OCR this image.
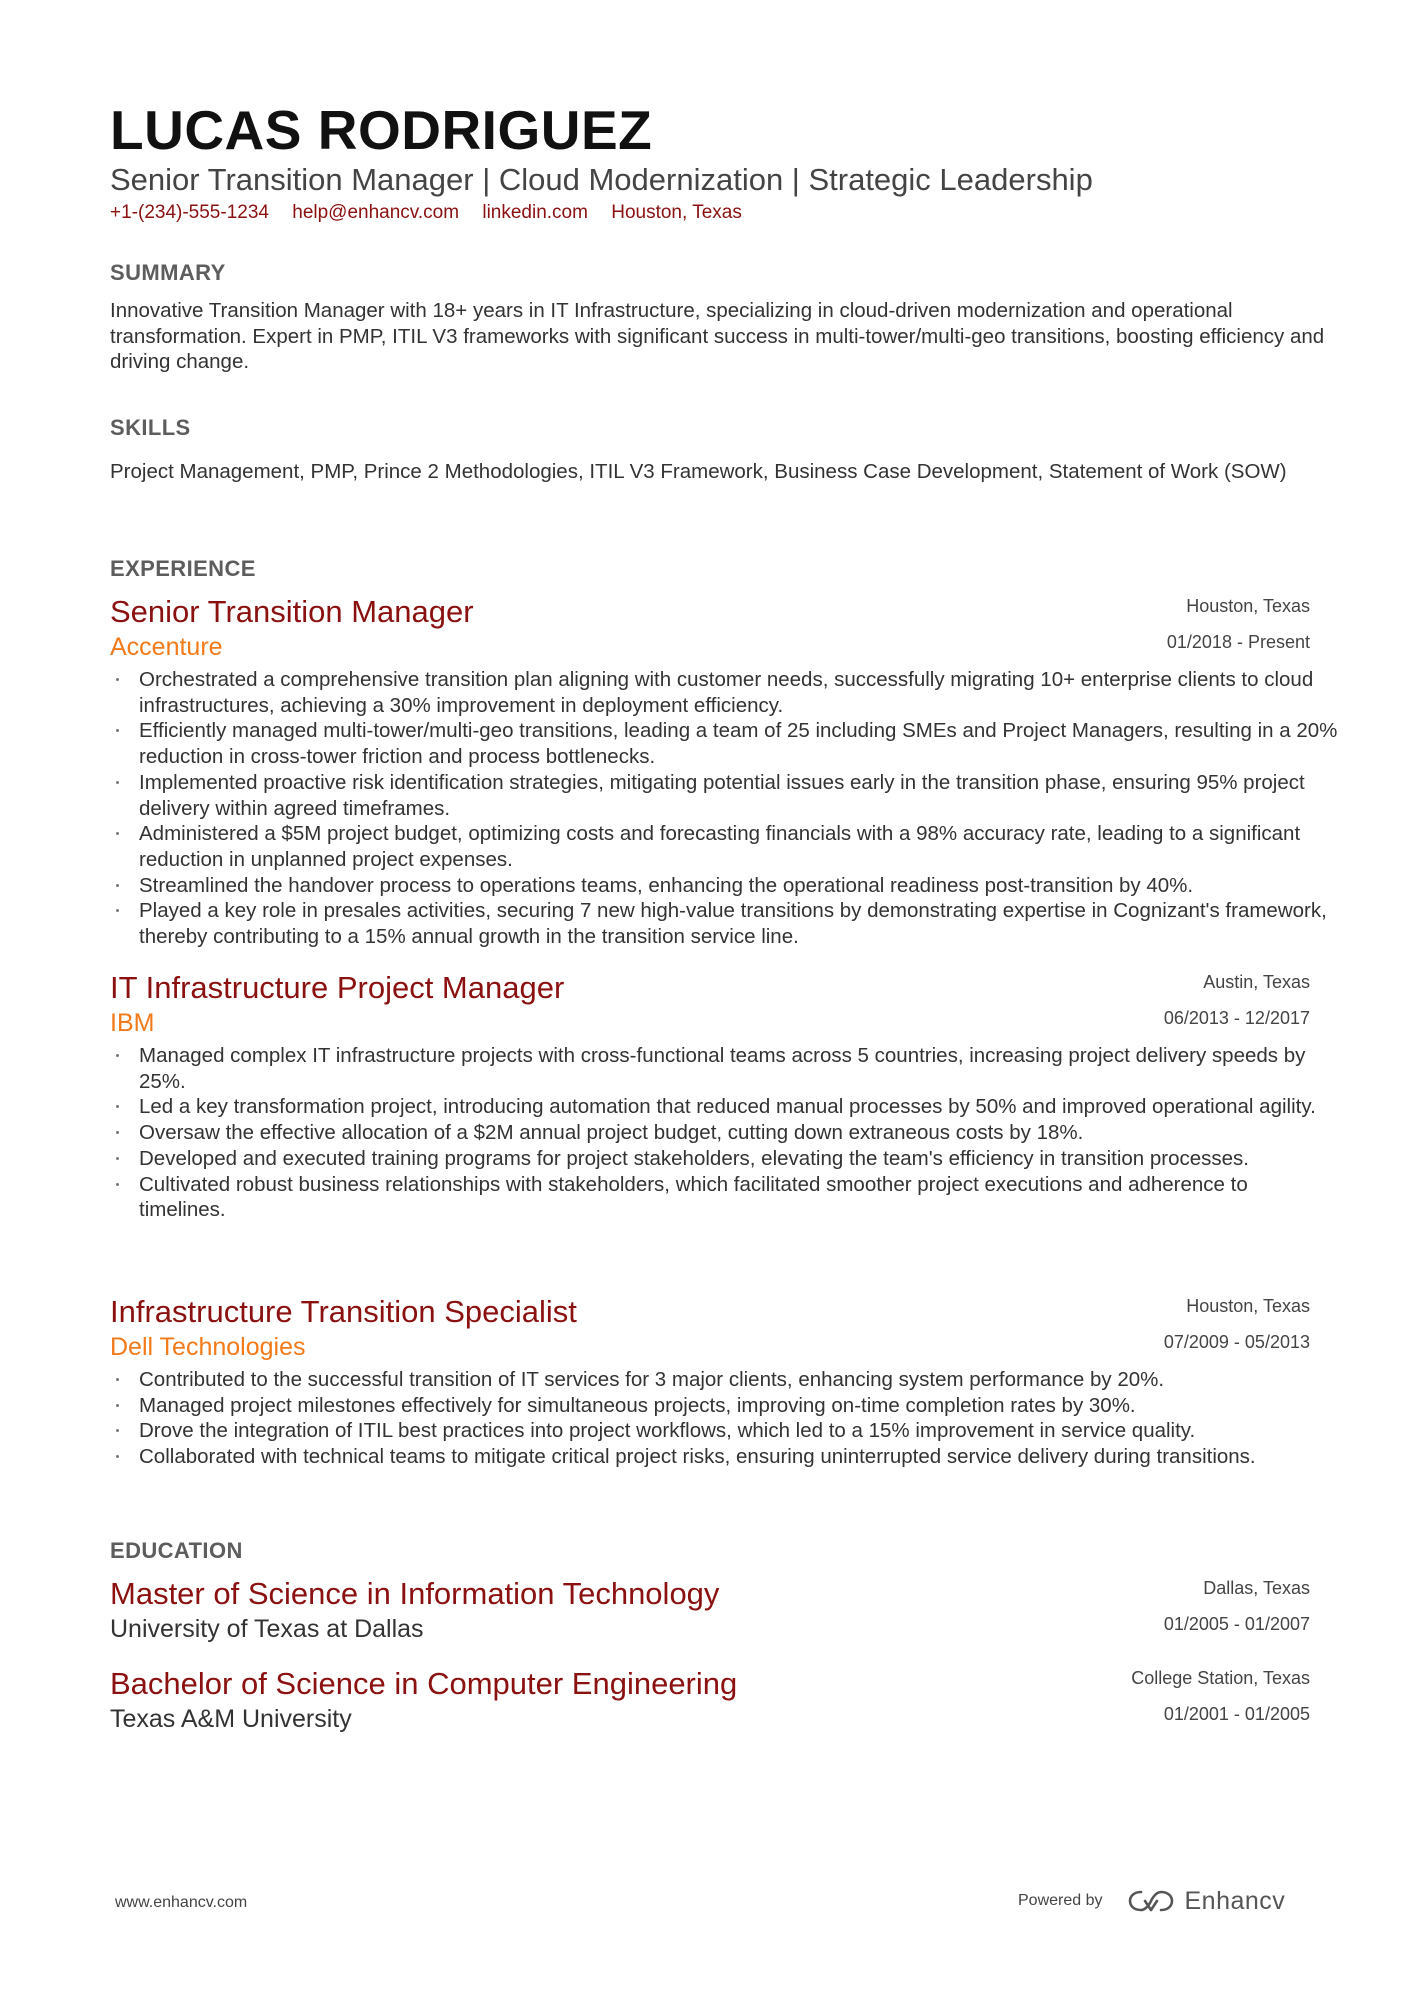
LUCAS RODRIGUEZ
Senior Transition Manager | Cloud Modernization | Strategic Leadership
+1-(234)-555-1234 help@enhancv.com linkedin.com Houston, Texas
SUMMARY
Innovative Transition Manager with 18+ years in IT Infrastructure, specializing in cloud-driven modernization and operational transformation. Expert in PMP, ITIL V3 frameworks with significant success in multi-tower/multi-geo transitions, boosting efficiency and driving change.
SKILLS
Project Management, PMP, Prince 2 Methodologies, ITIL V3 Framework, Business Case Development, Statement of Work (SOW)
EXPERIENCE
Senior Transition Manager	Houston, Texas
Accenture	01/2018 - Present
Orchestrated a comprehensive transition plan aligning with customer needs, successfully migrating 10+ enterprise clients to cloud infrastructures, achieving a 30% improvement in deployment efficiency.
Efficiently managed multi-tower/multi-geo transitions, leading a team of 25 including SMEs and Project Managers, resulting in a 20% reduction in cross-tower friction and process bottlenecks.
Implemented proactive risk identification strategies, mitigating potential issues early in the transition phase, ensuring 95% project delivery within agreed timeframes.
Administered a $5M project budget, optimizing costs and forecasting financials with a 98% accuracy rate, leading to a significant reduction in unplanned project expenses.
Streamlined the handover process to operations teams, enhancing the operational readiness post-transition by 40%.
Played a key role in presales activities, securing 7 new high-value transitions by demonstrating expertise in Cognizant's framework, thereby contributing to a 15% annual growth in the transition service line.
IT Infrastructure Project Manager	Austin, Texas
IBM	06/2013 - 12/2017
Managed complex IT infrastructure projects with cross-functional teams across 5 countries, increasing project delivery speeds by 25%.
Led a key transformation project, introducing automation that reduced manual processes by 50% and improved operational agility.
Oversaw the effective allocation of a $2M annual project budget, cutting down extraneous costs by 18%.
Developed and executed training programs for project stakeholders, elevating the team's efficiency in transition processes.
Cultivated robust business relationships with stakeholders, which facilitated smoother project executions and adherence to timelines.
Infrastructure Transition Specialist	Houston, Texas
Dell Technologies	07/2009 - 05/2013
Contributed to the successful transition of IT services for 3 major clients, enhancing system performance by 20%.
Managed project milestones effectively for simultaneous projects, improving on-time completion rates by 30%.
Drove the integration of ITIL best practices into project workflows, which led to a 15% improvement in service quality.
Collaborated with technical teams to mitigate critical project risks, ensuring uninterrupted service delivery during transitions.
EDUCATION
Master of Science in Information Technology	Dallas, Texas
University of Texas at Dallas	01/2005 - 01/2007
Bachelor of Science in Computer Engineering	College Station, Texas
Texas A&M University	01/2001 - 01/2005
www.enhancv.com	Powered by	Enhancv
